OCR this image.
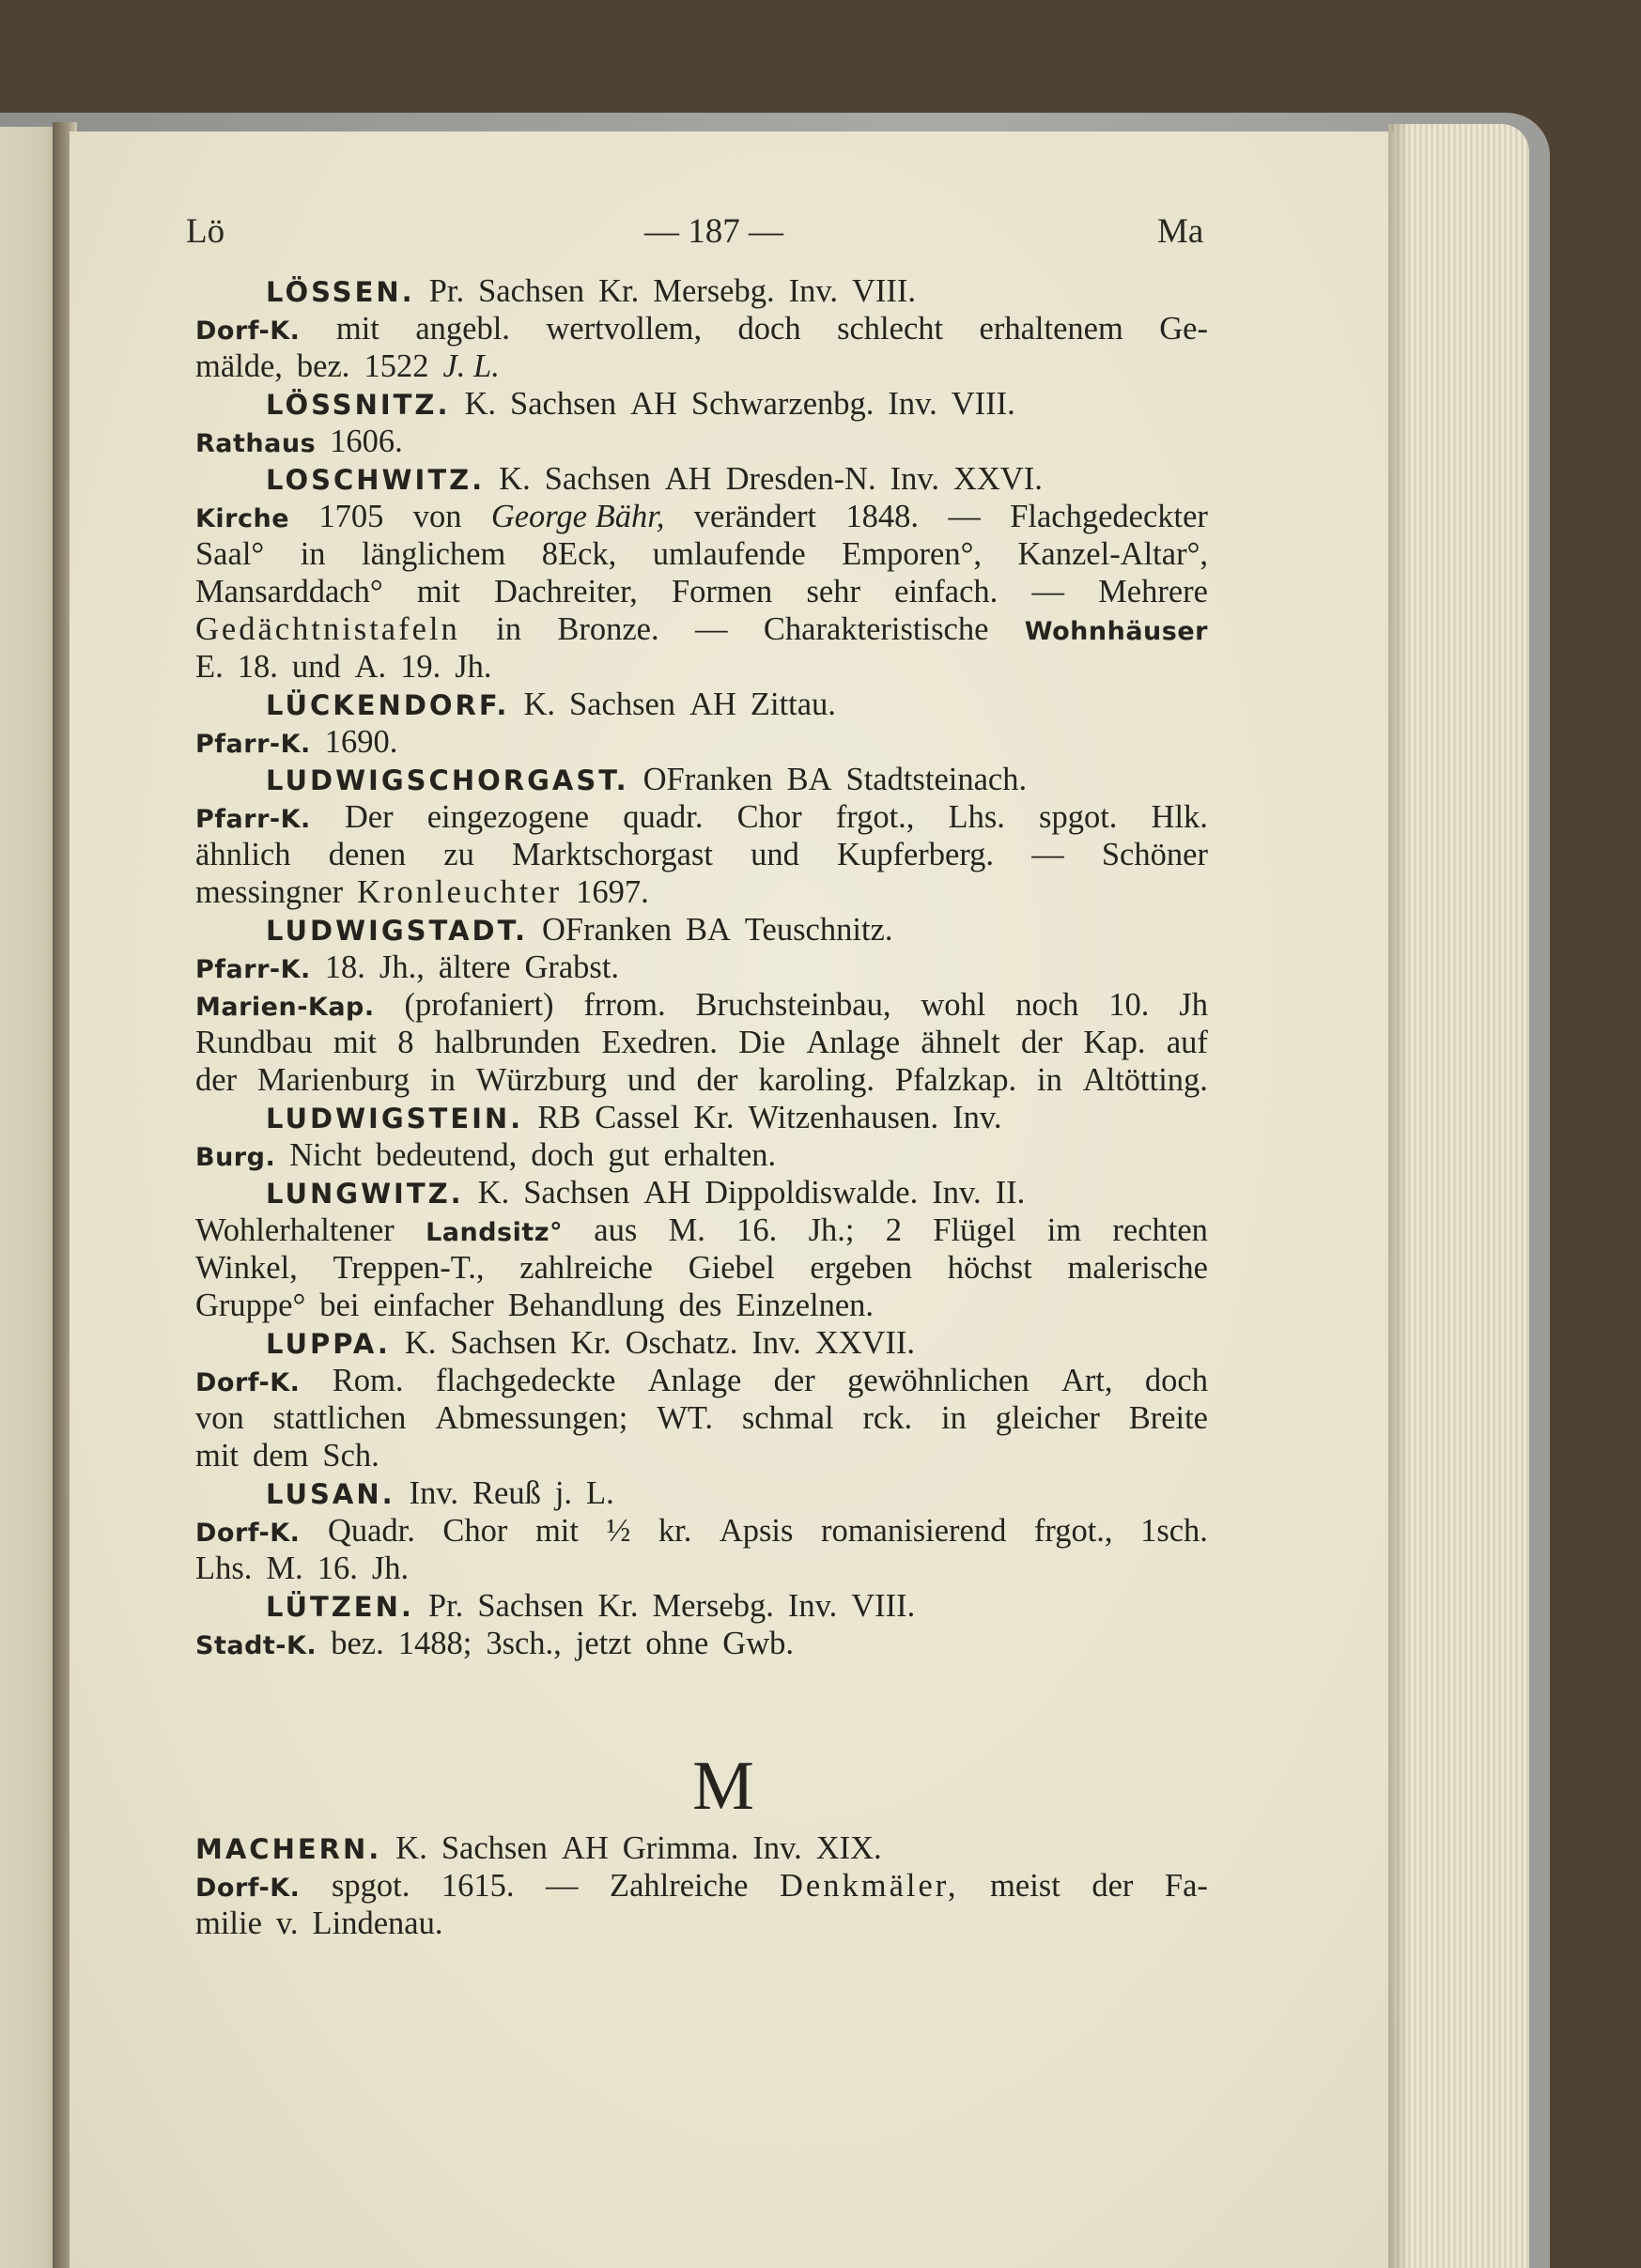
Lö	— 187 —	Ma
LÖSSEN. Pr. Sachsen Kr. Mersebg. Inv. VIII.
Dorf-K. mit angebl. wertvollem, doch schlecht erhaltenem Ge-
mälde, bez. 1522 J. L.
LÖSSNITZ. K. Sachsen AH Schwarzenbg. Inv. VIII.
Rathaus 1606.
LOSCHWITZ. K. Sachsen AH Dresden-N. Inv. XXVI.
Kirche 1705 von George Bähr, verändert 1848. — Flachgedeckter
Saal° in länglichem 8Eck, umlaufende Emporen°, Kanzel-Altar°,
Mansarddach° mit Dachreiter, Formen sehr einfach. — Mehrere
Gedächtnistafeln in Bronze. — Charakteristische Wohnhäuser
E. 18. und A. 19. Jh.
LÜCKENDORF. K. Sachsen AH Zittau.
Pfarr-K. 1690.
LUDWIGSCHORGAST. OFranken BA Stadtsteinach.
Pfarr-K. Der eingezogene quadr. Chor frgot., Lhs. spgot. Hlk.
ähnlich denen zu Marktschorgast und Kupferberg. — Schöner
messingner Kronleuchter 1697.
LUDWIGSTADT. OFranken BA Teuschnitz.
Pfarr-K. 18. Jh., ältere Grabst.
Marien-Kap. (profaniert) frrom. Bruchsteinbau, wohl noch 10. Jh
Rundbau mit 8 halbrunden Exedren. Die Anlage ähnelt der Kap. auf
der Marienburg in Würzburg und der karoling. Pfalzkap. in Altötting.
LUDWIGSTEIN. RB Cassel Kr. Witzenhausen. Inv.
Burg. Nicht bedeutend, doch gut erhalten.
LUNGWITZ. K. Sachsen AH Dippoldiswalde. Inv. II.
Wohlerhaltener Landsitz° aus M. 16. Jh.; 2 Flügel im rechten
Winkel, Treppen-T., zahlreiche Giebel ergeben höchst malerische
Gruppe° bei einfacher Behandlung des Einzelnen.
LUPPA. K. Sachsen Kr. Oschatz. Inv. XXVII.
Dorf-K. Rom. flachgedeckte Anlage der gewöhnlichen Art, doch
von stattlichen Abmessungen; WT. schmal rck. in gleicher Breite
mit dem Sch.
LUSAN. Inv. Reuß j. L.
Dorf-K. Quadr. Chor mit ½ kr. Apsis romanisierend frgot., 1sch.
Lhs. M. 16. Jh.
LÜTZEN. Pr. Sachsen Kr. Mersebg. Inv. VIII.
Stadt-K. bez. 1488; 3sch., jetzt ohne Gwb.
M
MACHERN. K. Sachsen AH Grimma. Inv. XIX.
Dorf-K. spgot. 1615. — Zahlreiche Denkmäler, meist der Fa-
milie v. Lindenau.
